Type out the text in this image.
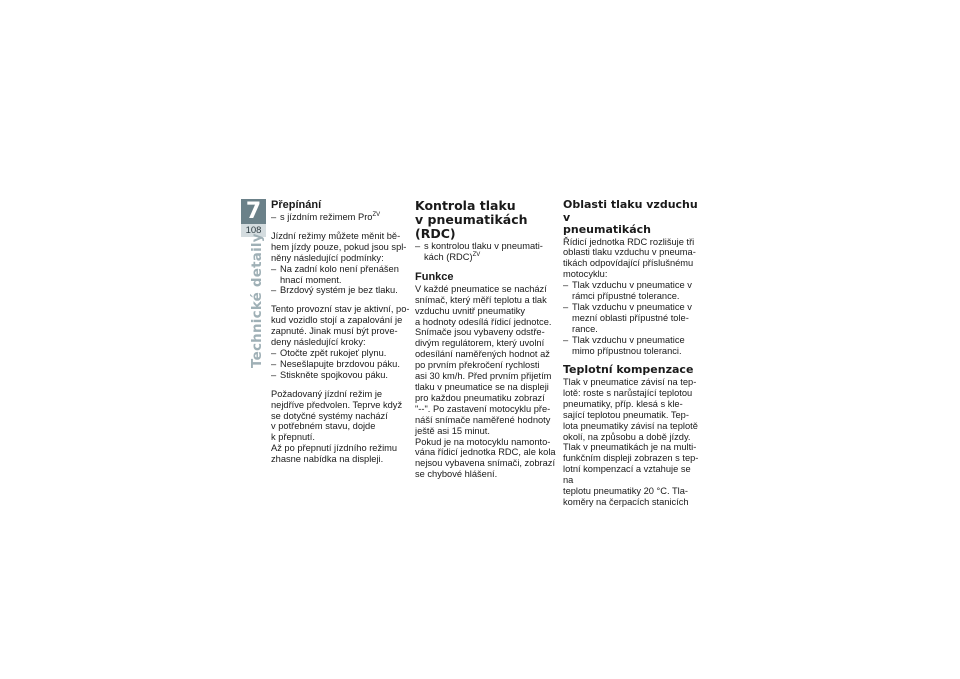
7
108
Technické detaily

Přepínání

– s jízdním režimem Pro$^{ZV}$

Jízdní režimy můžete měnit bě-
hem jízdy pouze, pokud jsou spl-
něny následující podmínky:

– Na zadní kolo není přenášen
hnací moment.

– Brzdový systém je bez tlaku.

Tento provozní stav je aktivní, po-
kud vozidlo stojí a zapalování je
zapnuté. Jinak musí být prove-
deny následující kroky:

– Otočte zpět rukojeť plynu.

– Nesešlapujte brzdovou páku.

– Stiskněte spojkovou páku.

Požadovaný jízdní režim je
nejdříve předvolen. Teprve když
se dotyčné systémy nachází
v potřebném stavu, dojde
k přepnutí.
Až po přepnutí jízdního režimu
zhasne nabídka na displeji.

Kontrola tlaku
v pneumatikách (RDC)

– s kontrolou tlaku v pneumati-
kách (RDC)$^{ZV}$

Funkce

V každé pneumatice se nachází
snímač, který měří teplotu a tlak
vzduchu uvnitř pneumatiky
a hodnoty odesílá řídicí jednotce.
Snímače jsou vybaveny odstře-
divým regulátorem, který uvolní
odesílání naměřených hodnot až
po prvním překročení rychlosti
asi 30 km/h. Před prvním přijetím
tlaku v pneumatice se na displeji
pro každou pneumatiku zobrazí
"--". Po zastavení motocyklu pře-
náší snímače naměřené hodnoty
ještě asi 15 minut.
Pokud je na motocyklu namonto-
vána řídicí jednotka RDC, ale kola
nejsou vybavena snímači, zobrazí
se chybové hlášení.

Oblasti tlaku vzduchu v
pneumatikách

Řídicí jednotka RDC rozlišuje tři
oblasti tlaku vzduchu v pneuma-
tikách odpovídající příslušnému
motocyklu:

– Tlak vzduchu v pneumatice v
rámci přípustné tolerance.

– Tlak vzduchu v pneumatice v
mezní oblasti přípustné tole-
rance.

– Tlak vzduchu v pneumatice
mimo přípustnou toleranci.

Teplotní kompenzace

Tlak v pneumatice závisí na tep-
lotě: roste s narůstající teplotou
pneumatiky, příp. klesá s kle-
sající teplotou pneumatik. Tep-
lota pneumatiky závisí na teplotě
okolí, na způsobu a době jízdy.
Tlak v pneumatikách je na multi-
funkčním displeji zobrazen s tep-
lotní kompenzací a vztahuje se na
teplotu pneumatiky 20 °C. Tla-
koměry na čerpacích stanicích
